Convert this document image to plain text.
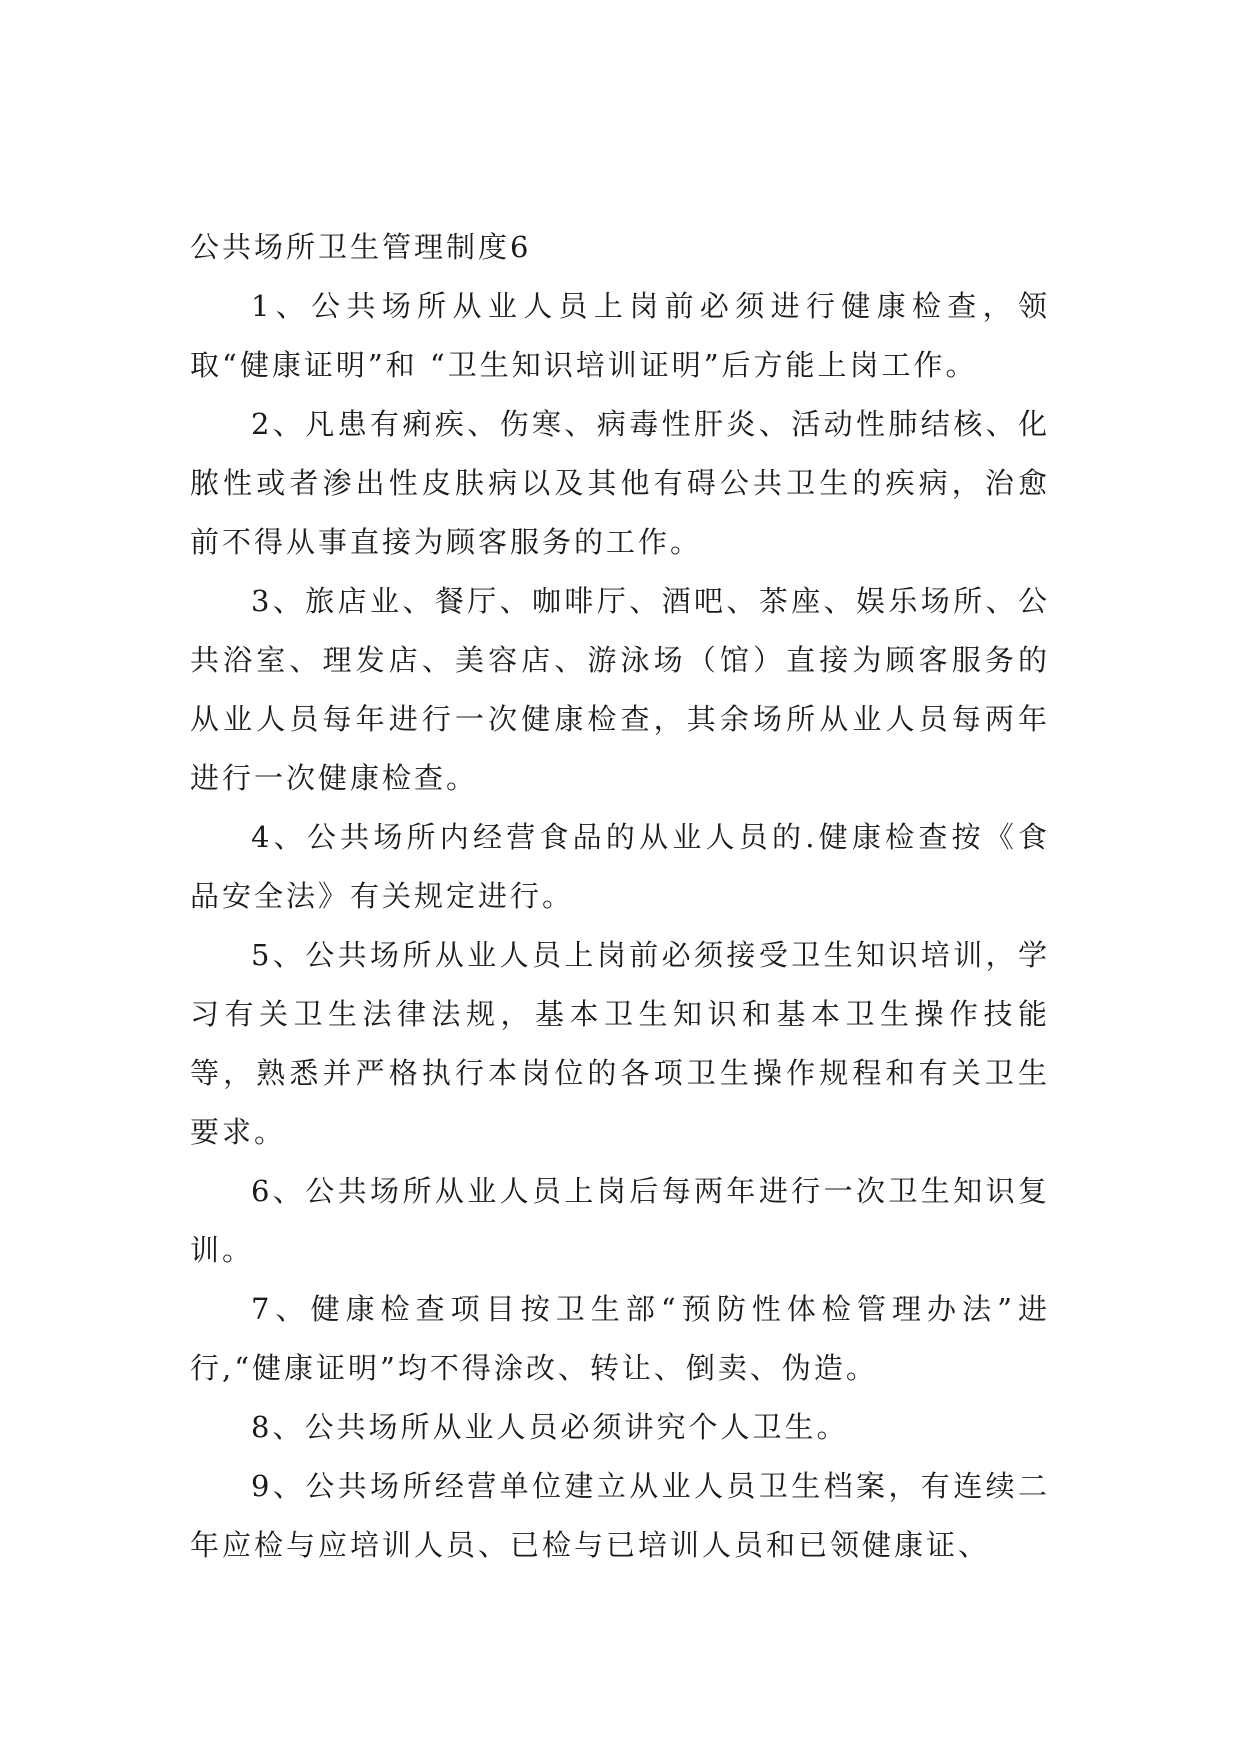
公共场所卫生管理制度6

1、公共场所从业人员上岗前必须进行健康检查，领取“健康证明”和 “卫生知识培训证明”后方能上岗工作。

2、凡患有痢疾、伤寒、病毒性肝炎、活动性肺结核、化脓性或者渗出性皮肤病以及其他有碍公共卫生的疾病，治愈前不得从事直接为顾客服务的工作。

3、旅店业、餐厅、咖啡厅、酒吧、茶座、娱乐场所、公共浴室、理发店、美容店、游泳场（馆）直接为顾客服务的从业人员每年进行一次健康检查，其余场所从业人员每两年进行一次健康检查。

4、公共场所内经营食品的从业人员的.健康检查按《食品安全法》有关规定进行。

5、公共场所从业人员上岗前必须接受卫生知识培训，学习有关卫生法律法规，基本卫生知识和基本卫生操作技能等，熟悉并严格执行本岗位的各项卫生操作规程和有关卫生要求。

6、公共场所从业人员上岗后每两年进行一次卫生知识复训。

7、健康检查项目按卫生部“预防性体检管理办法”进行,“健康证明”均不得涂改、转让、倒卖、伪造。

8、公共场所从业人员必须讲究个人卫生。

9、公共场所经营单位建立从业人员卫生档案，有连续二年应检与应培训人员、已检与已培训人员和已领健康证、
